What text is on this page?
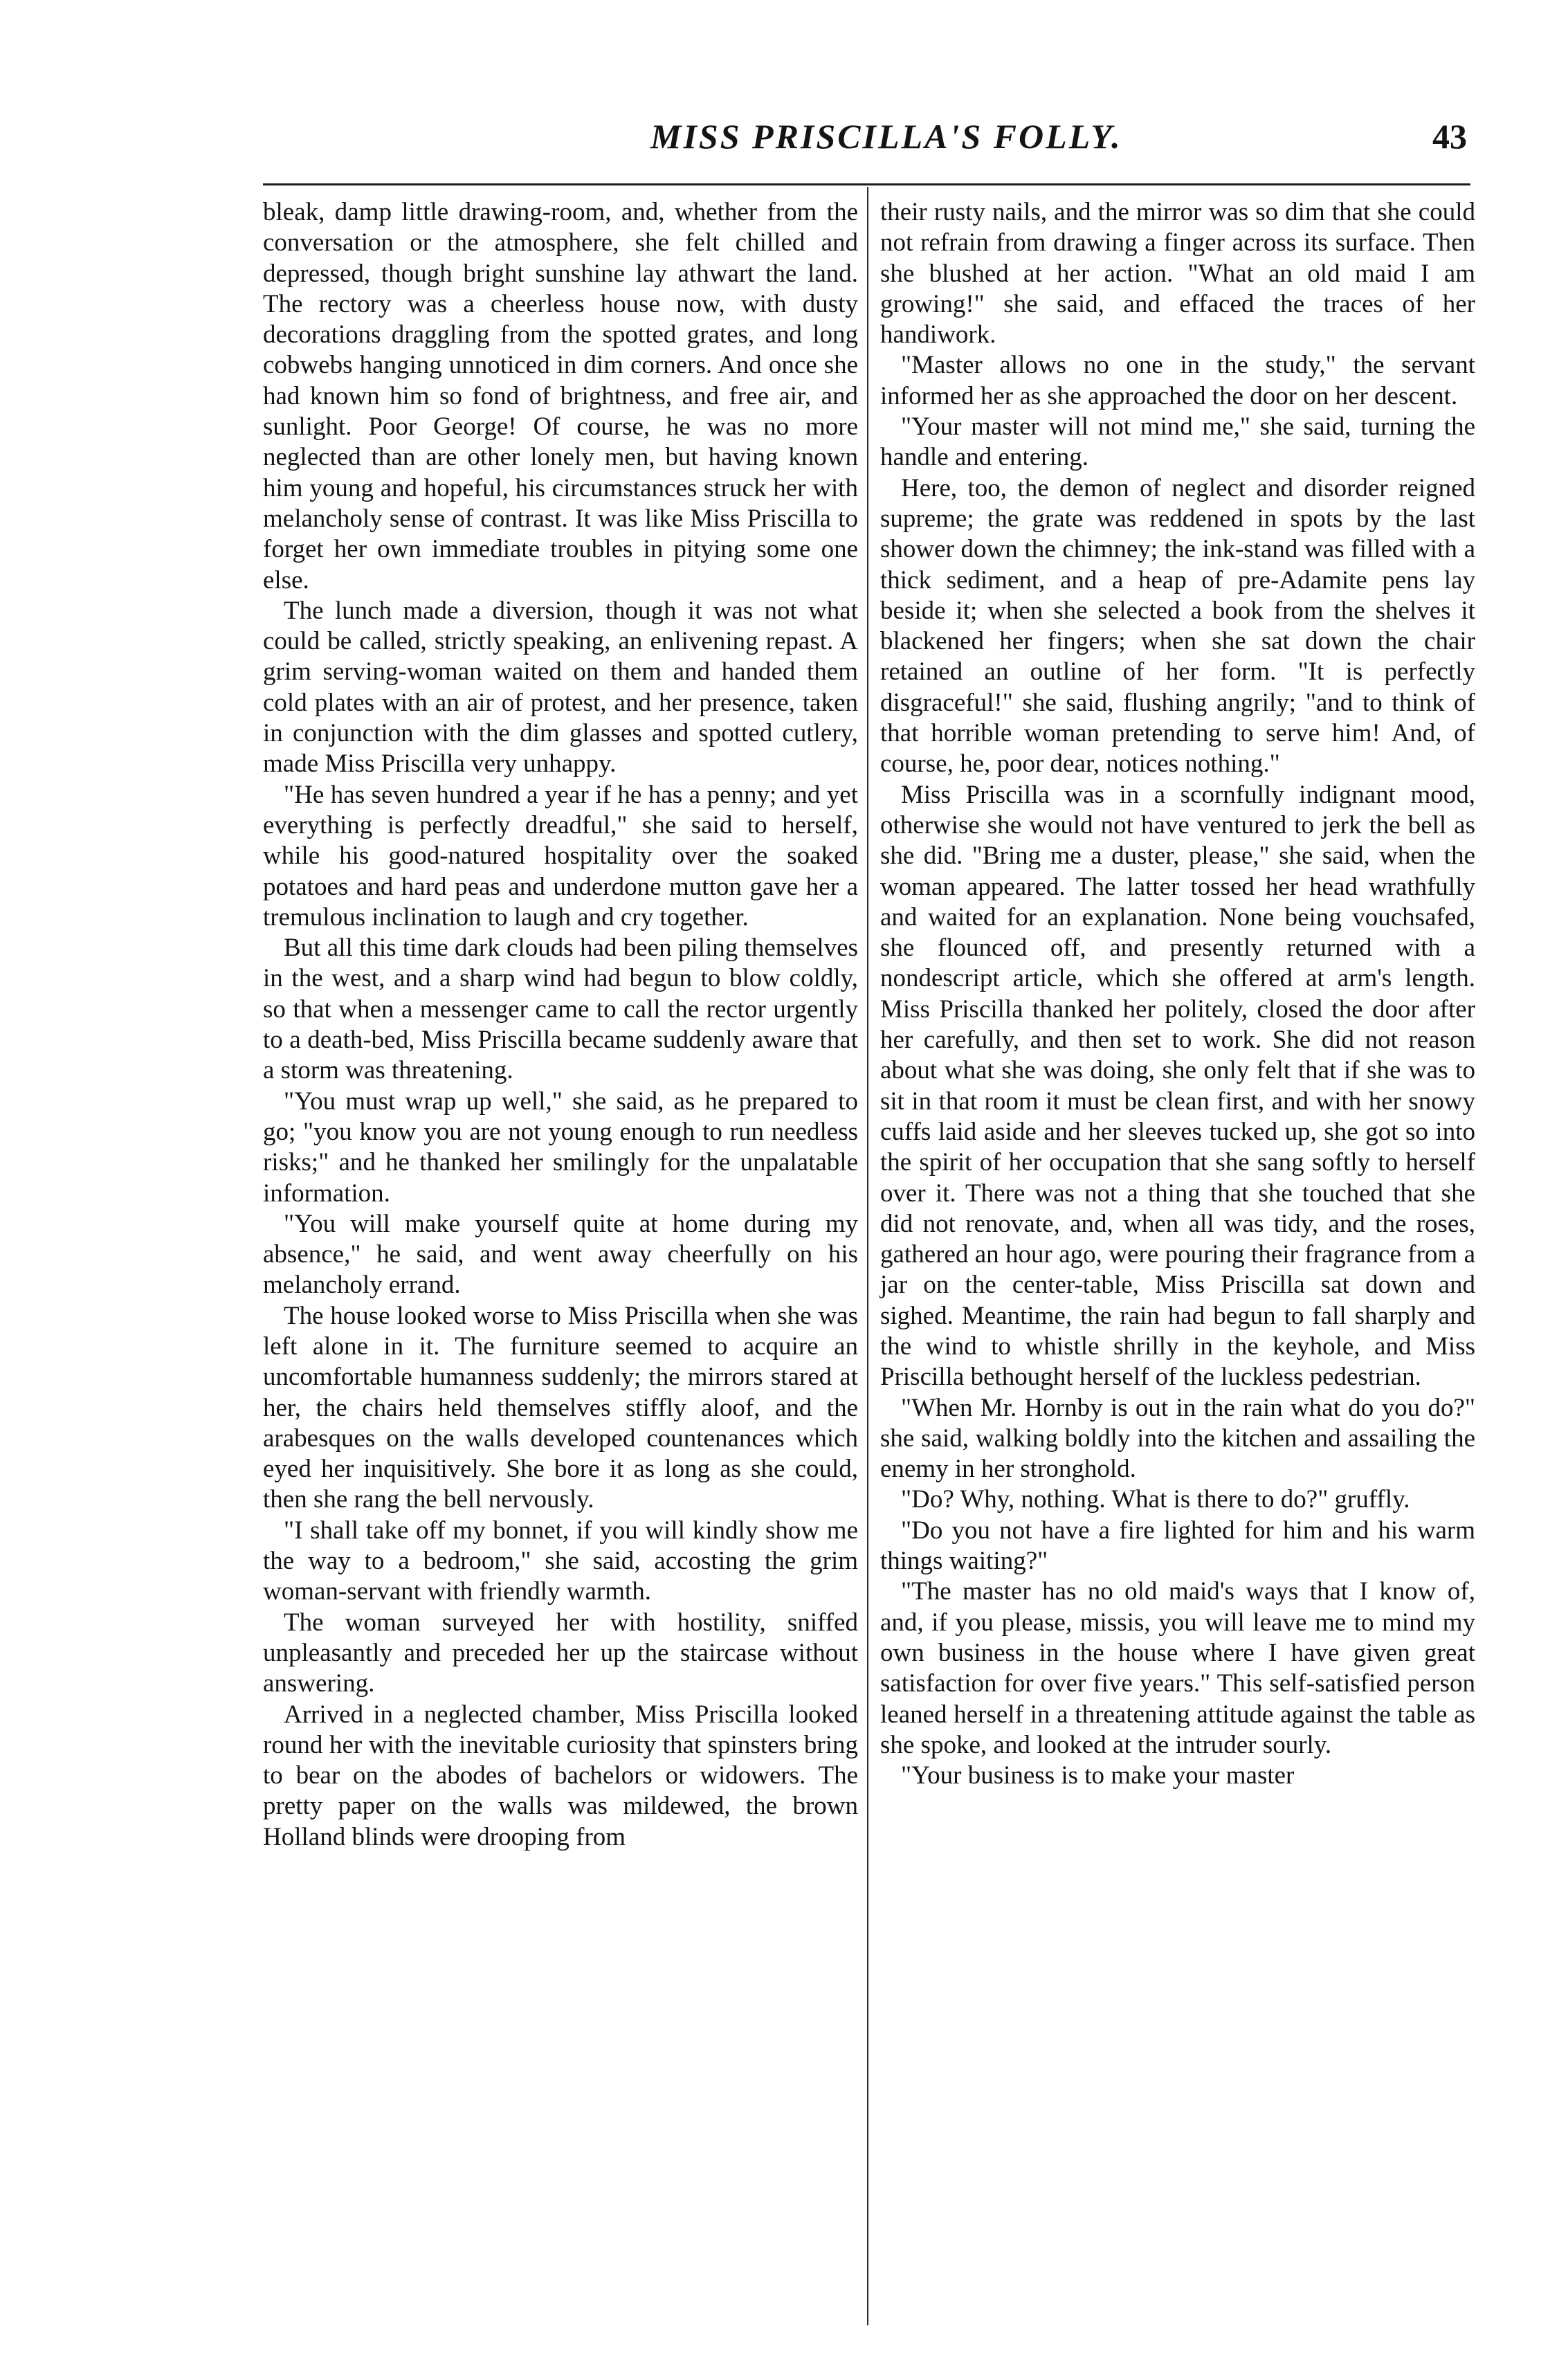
MISS PRISCILLA'S FOLLY.	43

bleak, damp little drawing-room, and, whether from the conversation or the atmosphere, she felt chilled and depressed, though bright sunshine lay athwart the land. The rectory was a cheerless house now, with dusty decorations draggling from the spotted grates, and long cobwebs hanging unnoticed in dim corners. And once she had known him so fond of brightness, and free air, and sunlight. Poor George! Of course, he was no more neglected than are other lonely men, but having known him young and hopeful, his circumstances struck her with melancholy sense of contrast. It was like Miss Priscilla to forget her own immediate troubles in pitying some one else.

The lunch made a diversion, though it was not what could be called, strictly speaking, an enlivening repast. A grim serving-woman waited on them and handed them cold plates with an air of protest, and her presence, taken in conjunction with the dim glasses and spotted cutlery, made Miss Priscilla very unhappy.

"He has seven hundred a year if he has a penny; and yet everything is perfectly dreadful," she said to herself, while his good-natured hospitality over the soaked potatoes and hard peas and underdone mutton gave her a tremulous inclination to laugh and cry together.

But all this time dark clouds had been piling themselves in the west, and a sharp wind had begun to blow coldly, so that when a messenger came to call the rector urgently to a death-bed, Miss Priscilla became suddenly aware that a storm was threatening.

"You must wrap up well," she said, as he prepared to go; "you know you are not young enough to run needless risks;" and he thanked her smilingly for the unpalatable information.

"You will make yourself quite at home during my absence," he said, and went away cheerfully on his melancholy errand.

The house looked worse to Miss Priscilla when she was left alone in it. The furniture seemed to acquire an uncomfortable humanness suddenly; the mirrors stared at her, the chairs held themselves stiffly aloof, and the arabesques on the walls developed countenances which eyed her inquisitively. She bore it as long as she could, then she rang the bell nervously.

"I shall take off my bonnet, if you will kindly show me the way to a bedroom," she said, accosting the grim woman-servant with friendly warmth.

The woman surveyed her with hostility, sniffed unpleasantly and preceded her up the staircase without answering.

Arrived in a neglected chamber, Miss Priscilla looked round her with the inevitable curiosity that spinsters bring to bear on the abodes of bachelors or widowers. The pretty paper on the walls was mildewed, the brown Holland blinds were drooping from

their rusty nails, and the mirror was so dim that she could not refrain from drawing a finger across its surface. Then she blushed at her action. "What an old maid I am growing!" she said, and effaced the traces of her handiwork.

"Master allows no one in the study," the servant informed her as she approached the door on her descent.

"Your master will not mind me," she said, turning the handle and entering.

Here, too, the demon of neglect and disorder reigned supreme; the grate was reddened in spots by the last shower down the chimney; the ink-stand was filled with a thick sediment, and a heap of pre-Adamite pens lay beside it; when she selected a book from the shelves it blackened her fingers; when she sat down the chair retained an outline of her form. "It is perfectly disgraceful!" she said, flushing angrily; "and to think of that horrible woman pretending to serve him! And, of course, he, poor dear, notices nothing."

Miss Priscilla was in a scornfully indignant mood, otherwise she would not have ventured to jerk the bell as she did. "Bring me a duster, please," she said, when the woman appeared. The latter tossed her head wrathfully and waited for an explanation. None being vouchsafed, she flounced off, and presently returned with a nondescript article, which she offered at arm's length. Miss Priscilla thanked her politely, closed the door after her carefully, and then set to work. She did not reason about what she was doing, she only felt that if she was to sit in that room it must be clean first, and with her snowy cuffs laid aside and her sleeves tucked up, she got so into the spirit of her occupation that she sang softly to herself over it. There was not a thing that she touched that she did not renovate, and, when all was tidy, and the roses, gathered an hour ago, were pouring their fragrance from a jar on the center-table, Miss Priscilla sat down and sighed. Meantime, the rain had begun to fall sharply and the wind to whistle shrilly in the keyhole, and Miss Priscilla bethought herself of the luckless pedestrian.

"When Mr. Hornby is out in the rain what do you do?" she said, walking boldly into the kitchen and assailing the enemy in her stronghold.

"Do? Why, nothing. What is there to do?" gruffly.

"Do you not have a fire lighted for him and his warm things waiting?"

"The master has no old maid's ways that I know of, and, if you please, missis, you will leave me to mind my own business in the house where I have given great satisfaction for over five years." This self-satisfied person leaned herself in a threatening attitude against the table as she spoke, and looked at the intruder sourly.

"Your business is to make your master
